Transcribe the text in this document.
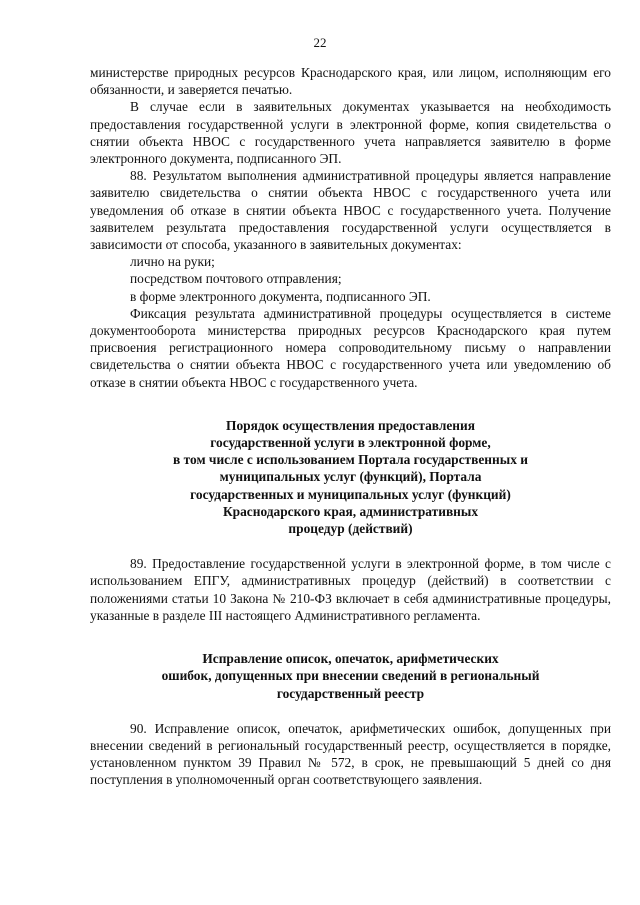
22

министерстве природных ресурсов Краснодарского края, или лицом, исполняющим его обязанности, и заверяется печатью.

В случае если в заявительных документах указывается на необходимость предоставления государственной услуги в электронной форме, копия свидетельства о снятии объекта НВОС с государственного учета направляется заявителю в форме электронного документа, подписанного ЭП.

88. Результатом выполнения административной процедуры является направление заявителю свидетельства о снятии объекта НВОС с государственного учета или уведомления об отказе в снятии объекта НВОС с государственного учета. Получение заявителем результата предоставления государственной услуги осуществляется в зависимости от способа, указанного в заявительных документах:

лично на руки;

посредством почтового отправления;

в форме электронного документа, подписанного ЭП.

Фиксация результата административной процедуры осуществляется в системе документооборота министерства природных ресурсов Краснодарского края путем присвоения регистрационного номера сопроводительному письму о направлении свидетельства о снятии объекта НВОС с государственного учета или уведомлению об отказе в снятии объекта НВОС с государственного учета.

Порядок осуществления предоставления

государственной услуги в электронной форме,

в том числе с использованием Портала государственных и

муниципальных услуг (функций), Портала

государственных и муниципальных услуг (функций)

Краснодарского края, административных

процедур (действий)

89. Предоставление государственной услуги в электронной форме, в том числе с использованием ЕПГУ, административных процедур (действий) в соответствии с положениями статьи 10 Закона № 210-ФЗ включает в себя административные процедуры, указанные в разделе III настоящего Административного регламента.

Исправление описок, опечаток, арифметических

ошибок, допущенных при внесении сведений в региональный

государственный реестр

90. Исправление описок, опечаток, арифметических ошибок, допущенных при внесении сведений в региональный государственный реестр, осуществляется в порядке, установленном пунктом 39 Правил № 572, в срок, не превышающий 5 дней со дня поступления в уполномоченный орган соответствующего заявления.
